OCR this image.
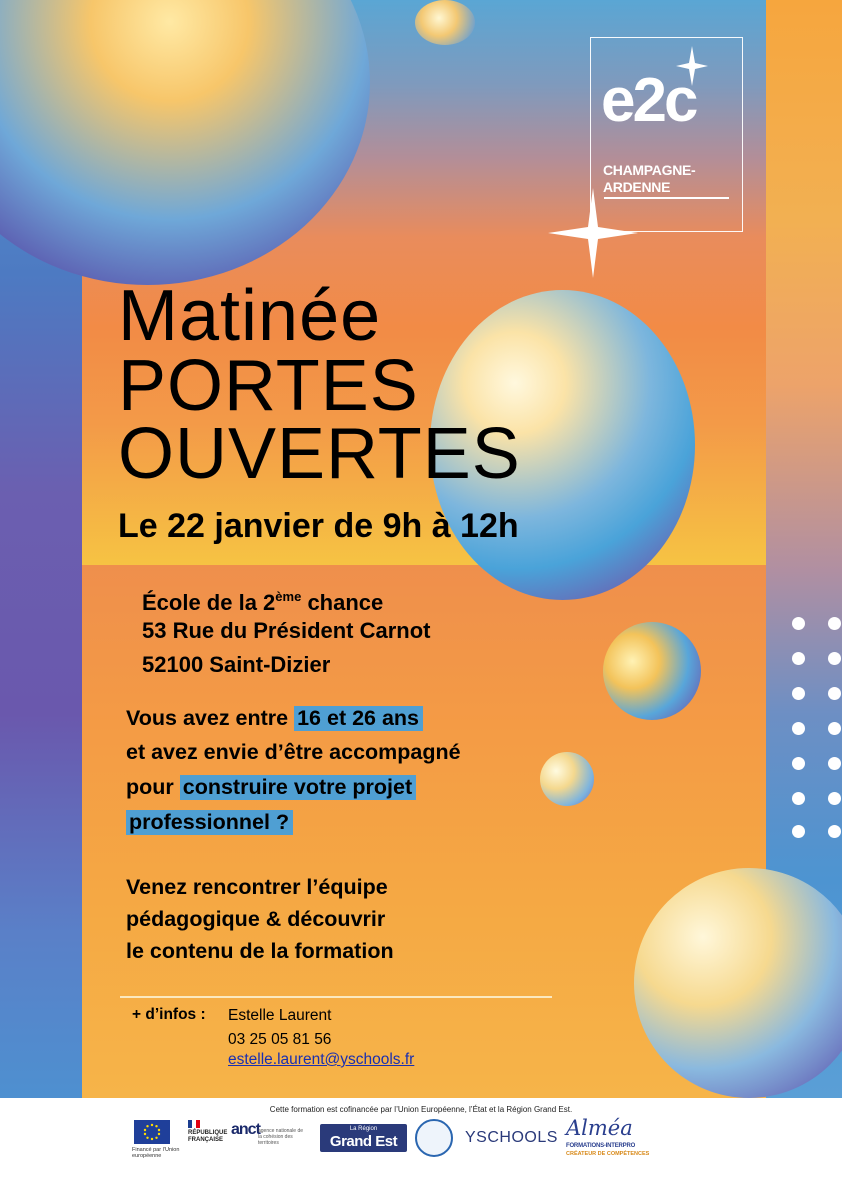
e2c
CHAMPAGNE-
ARDENNE
Matinée
PORTES
OUVERTES
Le 22 janvier de 9h à 12h
École de la 2ème chance
53 Rue du Président Carnot
52100 Saint-Dizier
Vous avez entre 16 et 26 ans
et avez envie d’être accompagné
pour construire votre projet
professionnel ?
Venez rencontrer l’équipe
pédagogique & découvrir
le contenu de la formation
+ d’infos : Estelle Laurent
03 25 05 81 56
estelle.laurent@yschools.fr
Cette formation est cofinancée par l’Union Européenne, l’État et la Région Grand Est.
Financé par l’Union européenne
RÉPUBLIQUE FRANÇAISE
anct
agence nationale de la cohésion des territoires
La Région
Grand Est	YSCHOOLS Alméa
FORMATIONS-INTERPRO
CRÉATEUR DE COMPÉTENCES
